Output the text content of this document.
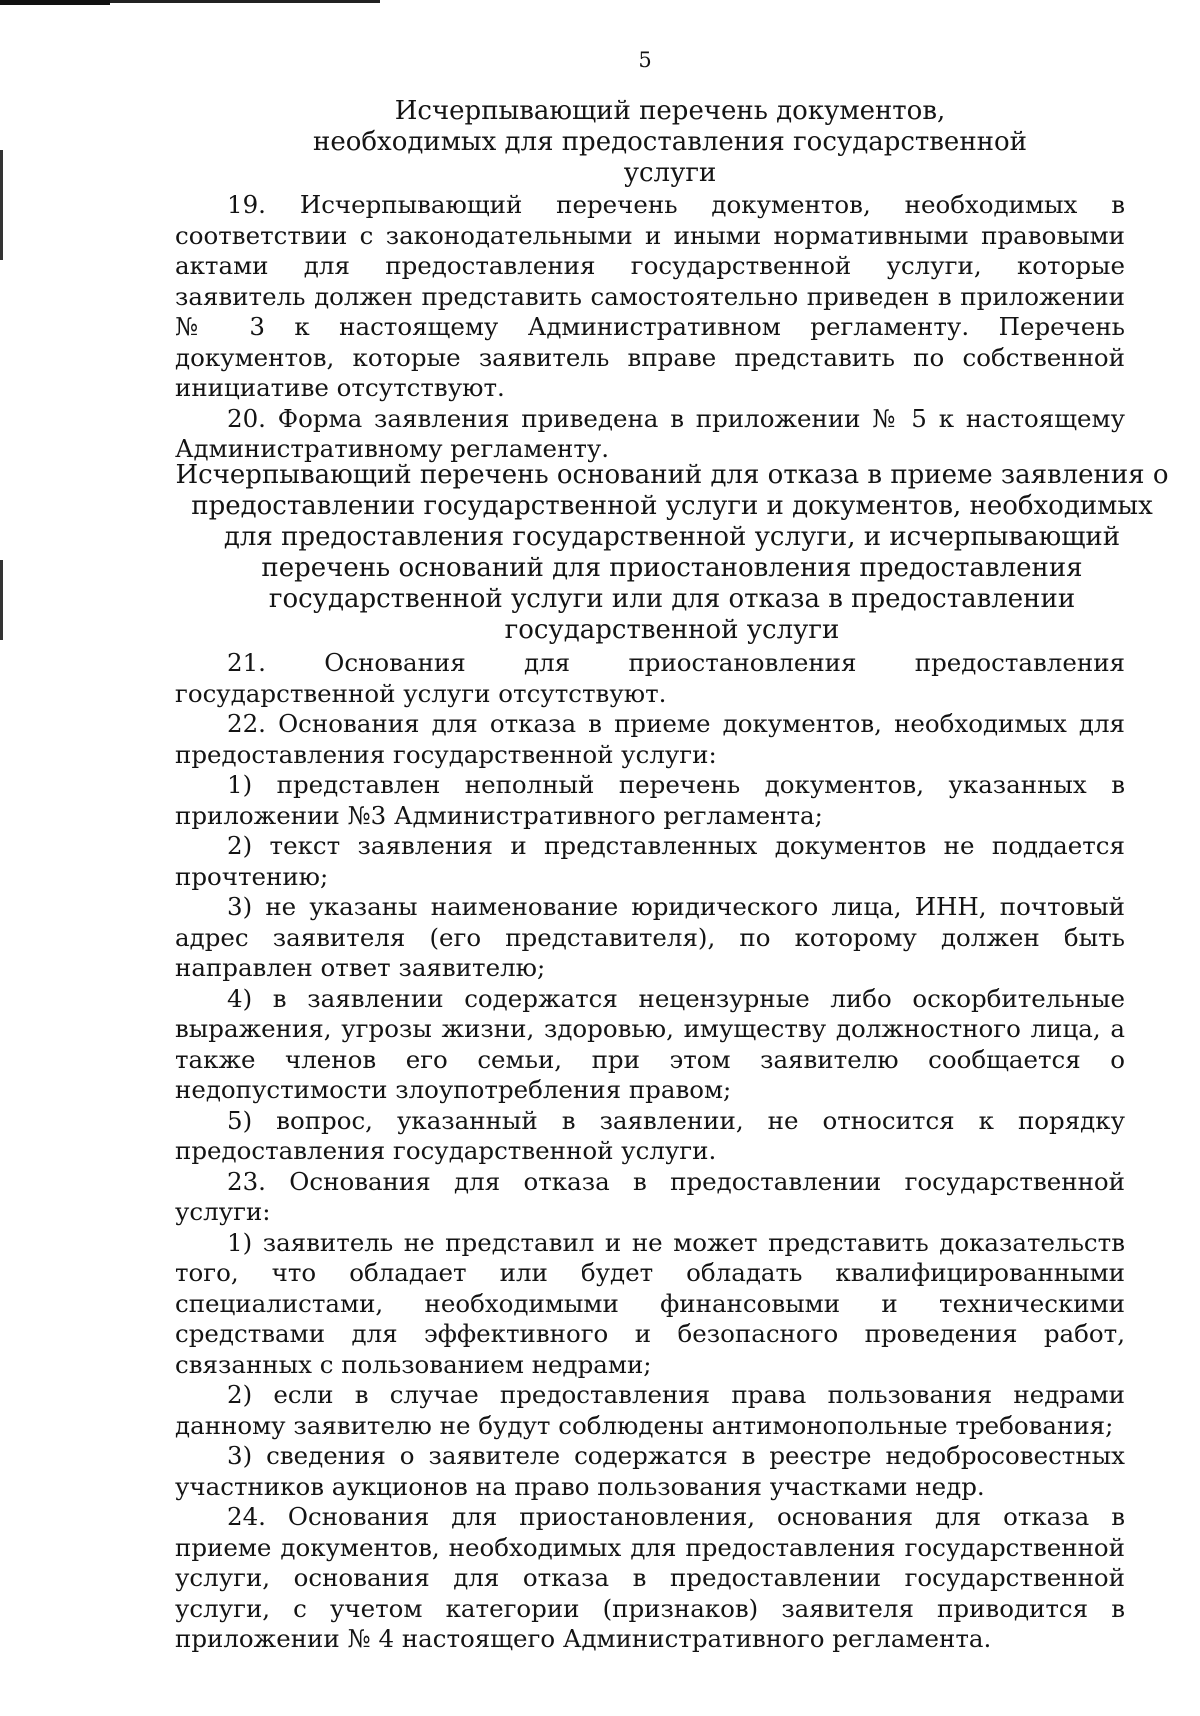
5
Исчерпывающий перечень документов, необходимых для предоставления государственной услуги

19. Исчерпывающий перечень документов, необходимых в соответствии с законодательными и иными нормативными правовыми актами для предоставления государственной услуги, которые заявитель должен представить самостоятельно приведен в приложении № 3 к настоящему Административном регламенту. Перечень документов, которые заявитель вправе представить по собственной инициативе отсутствуют.

20. Форма заявления приведена в приложении № 5 к настоящему Административному регламенту.

Исчерпывающий перечень оснований для отказа в приеме заявления о предоставлении государственной услуги и документов, необходимых для предоставления государственной услуги, и исчерпывающий перечень оснований для приостановления предоставления государственной услуги или для отказа в предоставлении государственной услуги

21. Основания для приостановления предоставления государственной услуги отсутствуют.

22. Основания для отказа в приеме документов, необходимых для предоставления государственной услуги:

1) представлен неполный перечень документов, указанных в приложении №3 Административного регламента;

2) текст заявления и представленных документов не поддается прочтению;

3) не указаны наименование юридического лица, ИНН, почтовый адрес заявителя (его представителя), по которому должен быть направлен ответ заявителю;

4) в заявлении содержатся нецензурные либо оскорбительные выражения, угрозы жизни, здоровью, имуществу должностного лица, а также членов его семьи, при этом заявителю сообщается о недопустимости злоупотребления правом;

5) вопрос, указанный в заявлении, не относится к порядку предоставления государственной услуги.

23. Основания для отказа в предоставлении государственной услуги:

1) заявитель не представил и не может представить доказательств того, что обладает или будет обладать квалифицированными специалистами, необходимыми финансовыми и техническими средствами для эффективного и безопасного проведения работ, связанных с пользованием недрами;

2) если в случае предоставления права пользования недрами данному заявителю не будут соблюдены антимонопольные требования;

3) сведения о заявителе содержатся в реестре недобросовестных участников аукционов на право пользования участками недр.

24. Основания для приостановления, основания для отказа в приеме документов, необходимых для предоставления государственной услуги, основания для отказа в предоставлении государственной услуги, с учетом категории (признаков) заявителя приводится в приложении № 4 настоящего Административного регламента.
